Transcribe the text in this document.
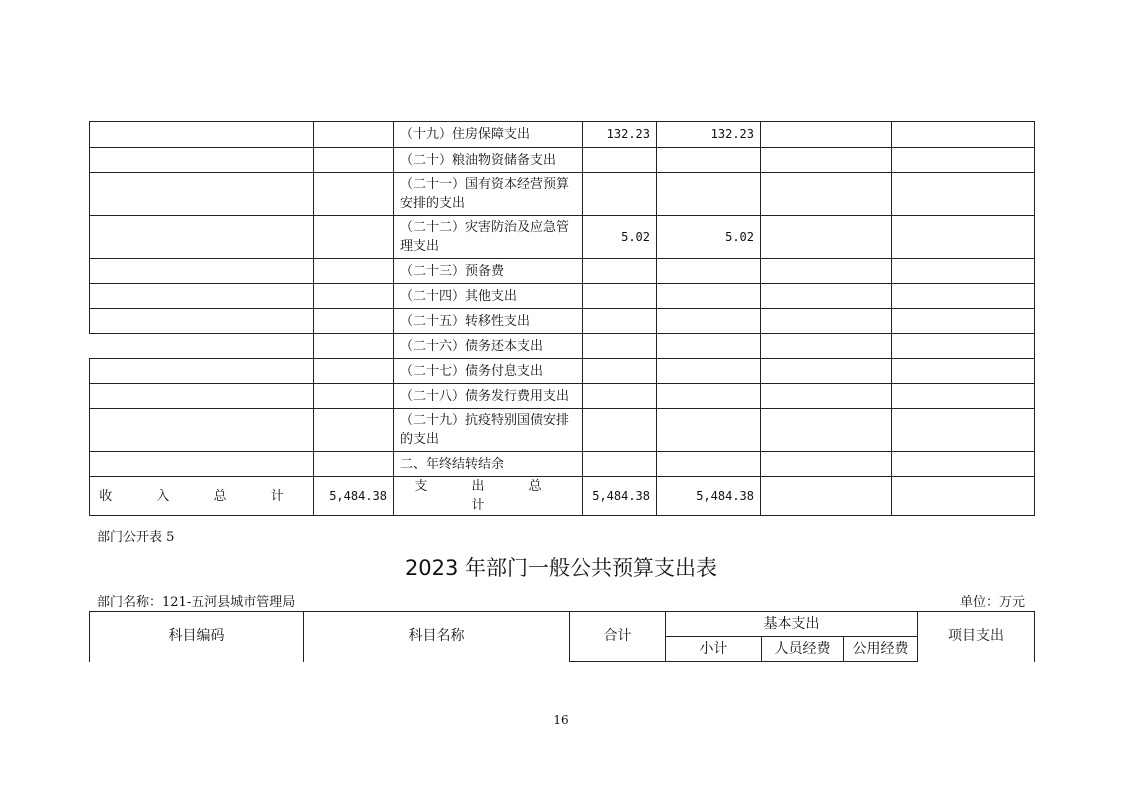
		（十九）住房保障支出	132.23	132.23		
		（二十）粮油物资储备支出				
		（二十一）国有资本经营预算安排的支出				
		（二十二）灾害防治及应急管理支出	5.02	5.02		
		（二十三）预备费				
		（二十四）其他支出				
		（二十五）转移性支出				
		（二十六）债务还本支出				
		（二十七）债务付息支出				
		（二十八）债务发行费用支出				
		（二十九）抗疫特别国债安排的支出				
		二、年终结转结余				
收 入 总 计	5,484.38	支 出 总 计	5,484.38	5,484.38		
部门公开表 5
2023 年部门一般公共预算支出表
部门名称：121-五河县城市管理局	单位：万元
科目编码	科目名称	合计	基本支出			项目支出
			小计	人员经费	公用经费	
16
